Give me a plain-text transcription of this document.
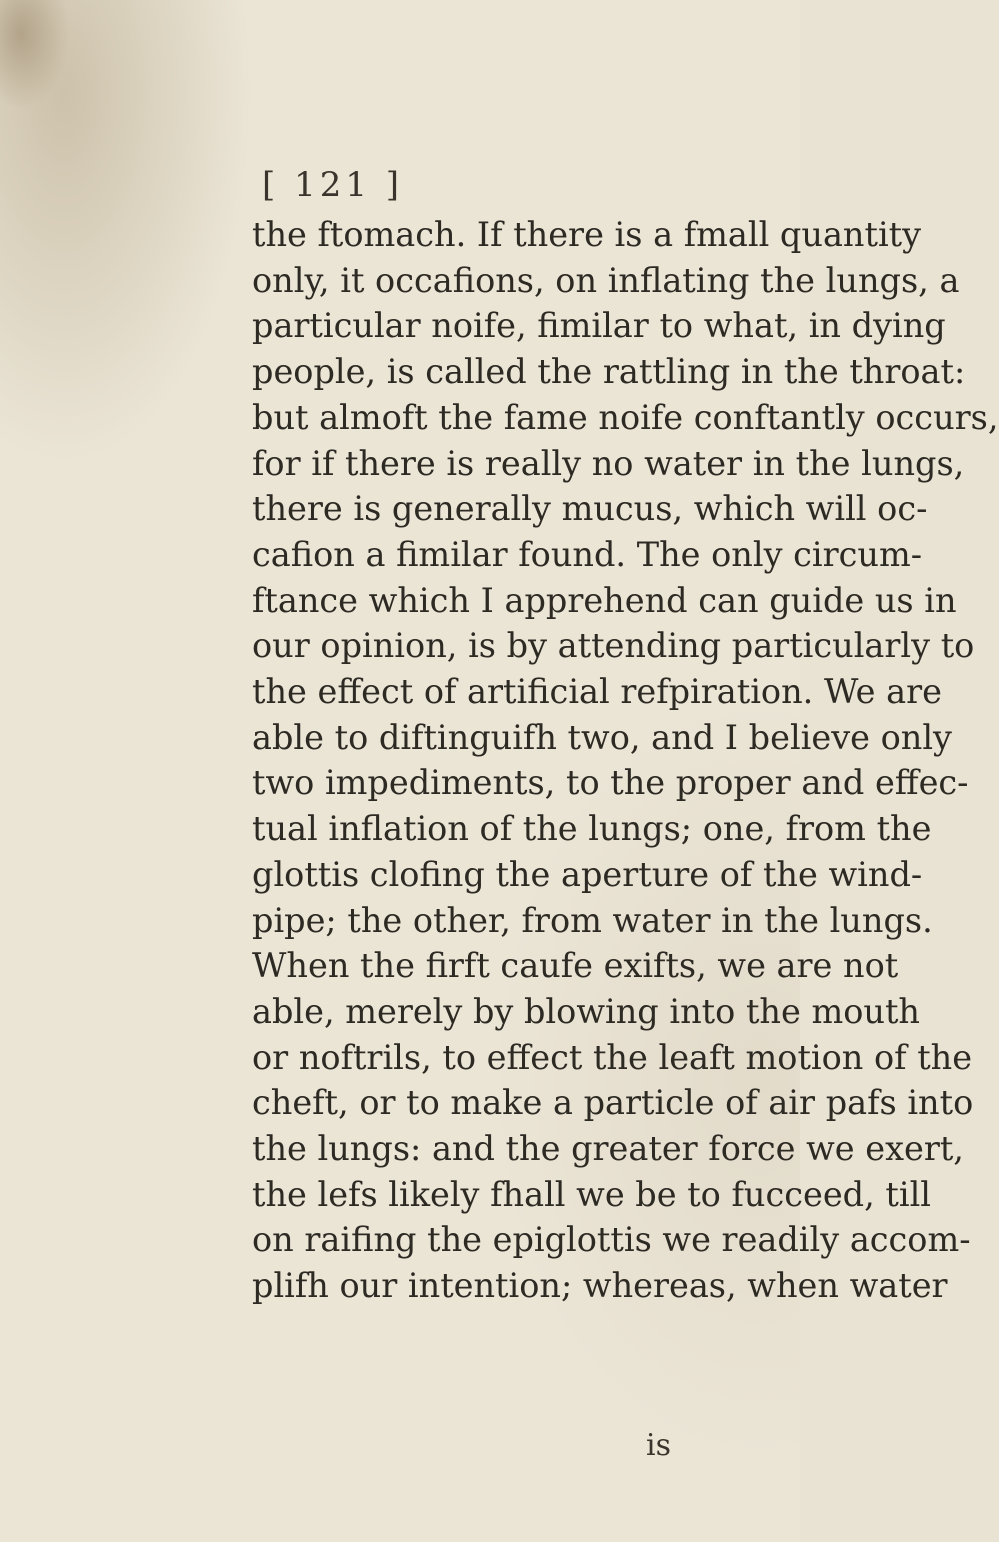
[ 121 ]
the ftomach. If there is a fmall quantity
only, it occafions, on inflating the lungs, a
particular noife, fimilar to what, in dying
people, is called the rattling in the throat:
but almoft the fame noife conftantly occurs,
for if there is really no water in the lungs,
there is generally mucus, which will oc-
cafion a fimilar found. The only circum-
ftance which I apprehend can guide us in
our opinion, is by attending particularly to
the effect of artificial refpiration. We are
able to diftinguifh two, and I believe only
two impediments, to the proper and effec-
tual inflation of the lungs; one, from the
glottis clofing the aperture of the wind-
pipe; the other, from water in the lungs.
When the firft caufe exifts, we are not
able, merely by blowing into the mouth
or noftrils, to effect the leaft motion of the
cheft, or to make a particle of air pafs into
the lungs: and the greater force we exert,
the lefs likely fhall we be to fucceed, till
on raifing the epiglottis we readily accom-
plifh our intention; whereas, when water
is
